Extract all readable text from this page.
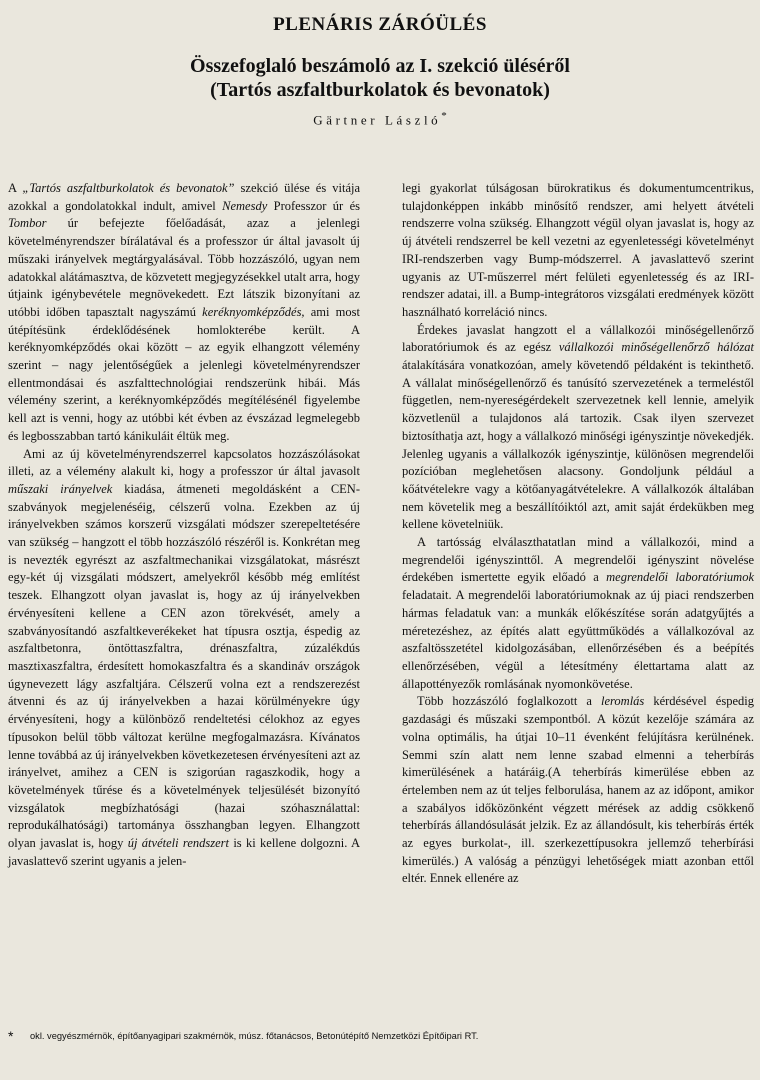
PLENÁRIS ZÁRÓÜLÉS
Összefoglaló beszámoló az I. szekció üléséről
(Tartós aszfaltburkolatok és bevonatok)
Gärtner László*

A „Tartós aszfaltburkolatok és bevonatok” szekció ülése és vitája azokkal a gondolatokkal indult, amivel Nemesdy Professzor úr és Tombor úr befejezte főelőadását, azaz a jelenlegi követelményrendszer bírálatával és a professzor úr által javasolt új műszaki irányelvek megtárgyalásával. Több hozzászóló, ugyan nem adatokkal alátámasztva, de közvetett megjegyzésekkel utalt arra, hogy útjaink igénybevétele megnövekedett. Ezt látszik bizonyítani az utóbbi időben tapasztalt nagyszámú keréknyomképződés, ami most útépítésünk érdeklődésének homlokterébe került. A keréknyomképződés okai között – az egyik elhangzott vélemény szerint – nagy jelentőségűek a jelenlegi követelményrendszer ellentmondásai és aszfalttechnológiai rendszerünk hibái. Más vélemény szerint, a keréknyomképződés megítélésénél figyelembe kell azt is venni, hogy az utóbbi két évben az évszázad legmelegebb és legbosszabban tartó kánikuláit éltük meg.

Ami az új követelményrendszerrel kapcsolatos hozzászólásokat illeti, az a vélemény alakult ki, hogy a professzor úr által javasolt műszaki irányelvek kiadása, átmeneti megoldásként a CEN-szabványok megjelenéséig, célszerű volna. Ezekben az új irányelvekben számos korszerű vizsgálati módszer szerepeltetésére van szükség – hangzott el több hozzászóló részéről is. Konkrétan meg is nevezték egyrészt az aszfaltmechanikai vizsgálatokat, másrészt egy-két új vizsgálati módszert, amelyekről később még említést teszek. Elhangzott olyan javaslat is, hogy az új irányelvekben érvényesíteni kellene a CEN azon törekvését, amely a szabványosítandó aszfaltkeverékeket hat típusra osztja, éspedig az aszfaltbetonra, öntöttaszfaltra, drénaszfaltra, zúzalékdús masztixaszfaltra, érdesített homokaszfaltra és a skandináv országok úgynevezett lágy aszfaltjára. Célszerű volna ezt a rendszerezést átvenni és az új irányelvekben a hazai körülményekre úgy érvényesíteni, hogy a különböző rendeltetési célokhoz az egyes típusokon belül több változat kerülne megfogalmazásra. Kívánatos lenne továbbá az új irányelvekben következetesen érvényesíteni azt az irányelvet, amihez a CEN is szigorúan ragaszkodik, hogy a követelmények tűrése és a követelmények teljesülését bizonyító vizsgálatok megbízhatósági (hazai szóhasználattal: reprodukálhatósági) tartománya összhangban legyen. Elhangzott olyan javaslat is, hogy új átvételi rendszert is ki kellene dolgozni. A javaslattevő szerint ugyanis a jelen-

legi gyakorlat túlságosan bürokratikus és dokumentumcentrikus, tulajdonképpen inkább minősítő rendszer, ami helyett átvételi rendszerre volna szükség. Elhangzott végül olyan javaslat is, hogy az új átvételi rendszerrel be kell vezetni az egyenletességi követelményt IRI-rendszerben vagy Bump-módszerrel. A javaslattevő szerint ugyanis az UT-műszerrel mért felületi egyenletesség és az IRI-rendszer adatai, ill. a Bump-integrátoros vizsgálati eredmények között használható korreláció nincs.

Érdekes javaslat hangzott el a vállalkozói minőségellenőrző laboratóriumok és az egész vállalkozói minőségellenőrző hálózat átalakítására vonatkozóan, amely követendő példaként is tekinthető. A vállalat minőségellenőrző és tanúsító szervezetének a termeléstől független, nem-nyereségérdekelt szervezetnek kell lennie, amelyik közvetlenül a tulajdonos alá tartozik. Csak ilyen szervezet biztosíthatja azt, hogy a vállalkozó minőségi igényszintje növekedjék. Jelenleg ugyanis a vállalkozók igényszintje, különösen megrendelői pozícióban meglehetősen alacsony. Gondoljunk például a kőátvételekre vagy a kötőanyagátvételekre. A vállalkozók általában nem követelik meg a beszállítóiktól azt, amit saját érdekükben meg kellene követelniük.

A tartósság elválaszthatatlan mind a vállalkozói, mind a megrendelői igényszinttől. A megrendelői igényszint növelése érdekében ismertette egyik előadó a megrendelői laboratóriumok feladatait. A megrendelői laboratóriumoknak az új piaci rendszerben hármas feladatuk van: a munkák előkészítése során adatgyűjtés a méretezéshez, az építés alatt együttműködés a vállalkozóval az aszfaltösszetétel kidolgozásában, ellenőrzésében és a beépítés ellenőrzésében, végül a létesítmény élettartama alatt az állapottényezők romlásának nyomonkövetése.

Több hozzászóló foglalkozott a leromlás kérdésével éspedig gazdasági és műszaki szempontból. A közút kezelője számára az volna optimális, ha útjai 10–11 évenként felújításra kerülnének. Semmi szín alatt nem lenne szabad elmenni a teherbírás kimerülésének a határáig.(A teherbírás kimerülése ebben az értelemben nem az út teljes felborulása, hanem az az időpont, amikor a szabályos időközönként végzett mérések az addig csökkenő teherbírás állandósulását jelzik. Ez az állandósult, kis teherbírás érték az egyes burkolat-, ill. szerkezettípusokra jellemző teherbírási kimerülés.) A valóság a pénzügyi lehetőségek miatt azonban ettől eltér. Ennek ellenére az

* okl. vegyészmérnök, építőanyagipari szakmérnök, músz. főtanácsos, Betonútépítő Nemzetközi Építőipari RT.
